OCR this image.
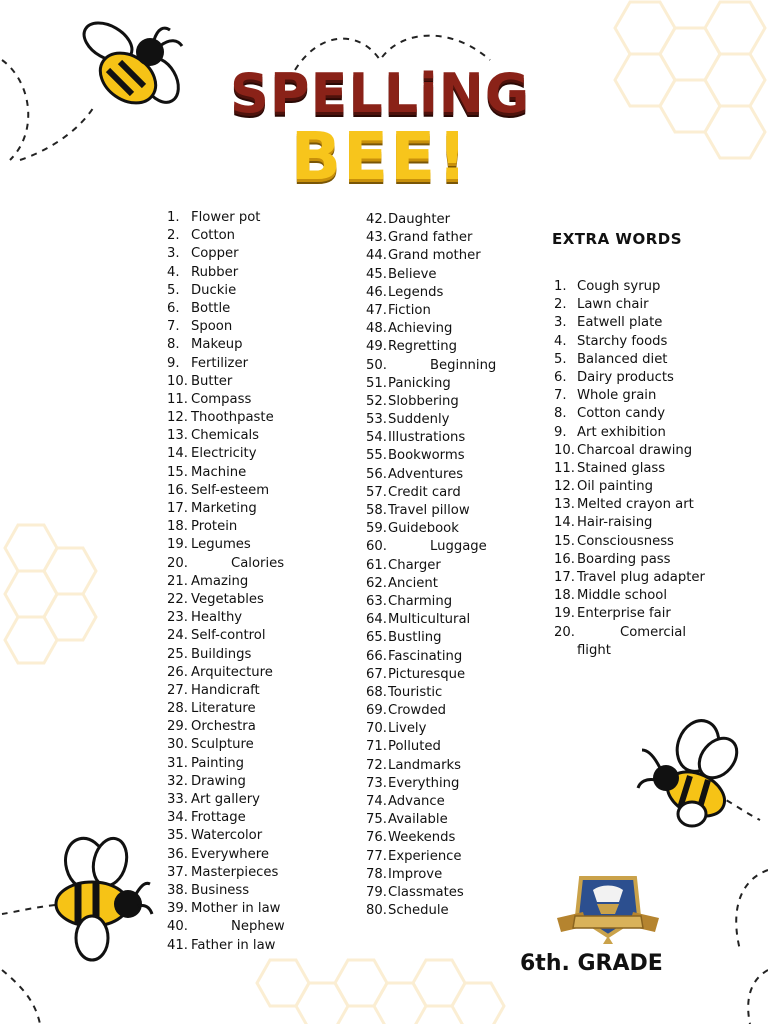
SPELLiNG
BEE!
1. Flower pot
2. Cotton
3. Copper
4. Rubber
5. Duckie
6. Bottle
7. Spoon
8. Makeup
9. Fertilizer
10. Butter
11. Compass
12. Thoothpaste
13. Chemicals
14. Electricity
15. Machine
16. Self-esteem
17. Marketing
18. Protein
19. Legumes
20.	Calories
21. Amazing
22. Vegetables
23. Healthy
24. Self-control
25. Buildings
26. Arquitecture
27. Handicraft
28. Literature
29. Orchestra
30. Sculpture
31. Painting
32. Drawing
33. Art gallery
34. Frottage
35. Watercolor
36. Everywhere
37. Masterpieces
38. Business
39. Mother in law
40.	Nephew
41. Father in law
42. Daughter
43. Grand father
44. Grand mother
45. Believe
46. Legends
47. Fiction
48. Achieving
49. Regretting
50.	Beginning
51. Panicking
52. Slobbering
53. Suddenly
54. Illustrations
55. Bookworms
56. Adventures
57. Credit card
58. Travel pillow
59. Guidebook
60.	Luggage
61. Charger
62. Ancient
63. Charming
64. Multicultural
65. Bustling
66. Fascinating
67. Picturesque
68. Touristic
69. Crowded
70. Lively
71. Polluted
72. Landmarks
73. Everything
74. Advance
75. Available
76. Weekends
77. Experience
78. Improve
79. Classmates
80. Schedule
EXTRA WORDS
1. Cough syrup
2. Lawn chair
3. Eatwell plate
4. Starchy foods
5. Balanced diet
6. Dairy products
7. Whole grain
8. Cotton candy
9. Art exhibition
10. Charcoal drawing
11. Stained glass
12. Oil painting
13. Melted crayon art
14. Hair-raising
15. Consciousness
16. Boarding pass
17. Travel plug adapter
18. Middle school
19. Enterprise fair
20.	Comercial
flight
6th. GRADE
